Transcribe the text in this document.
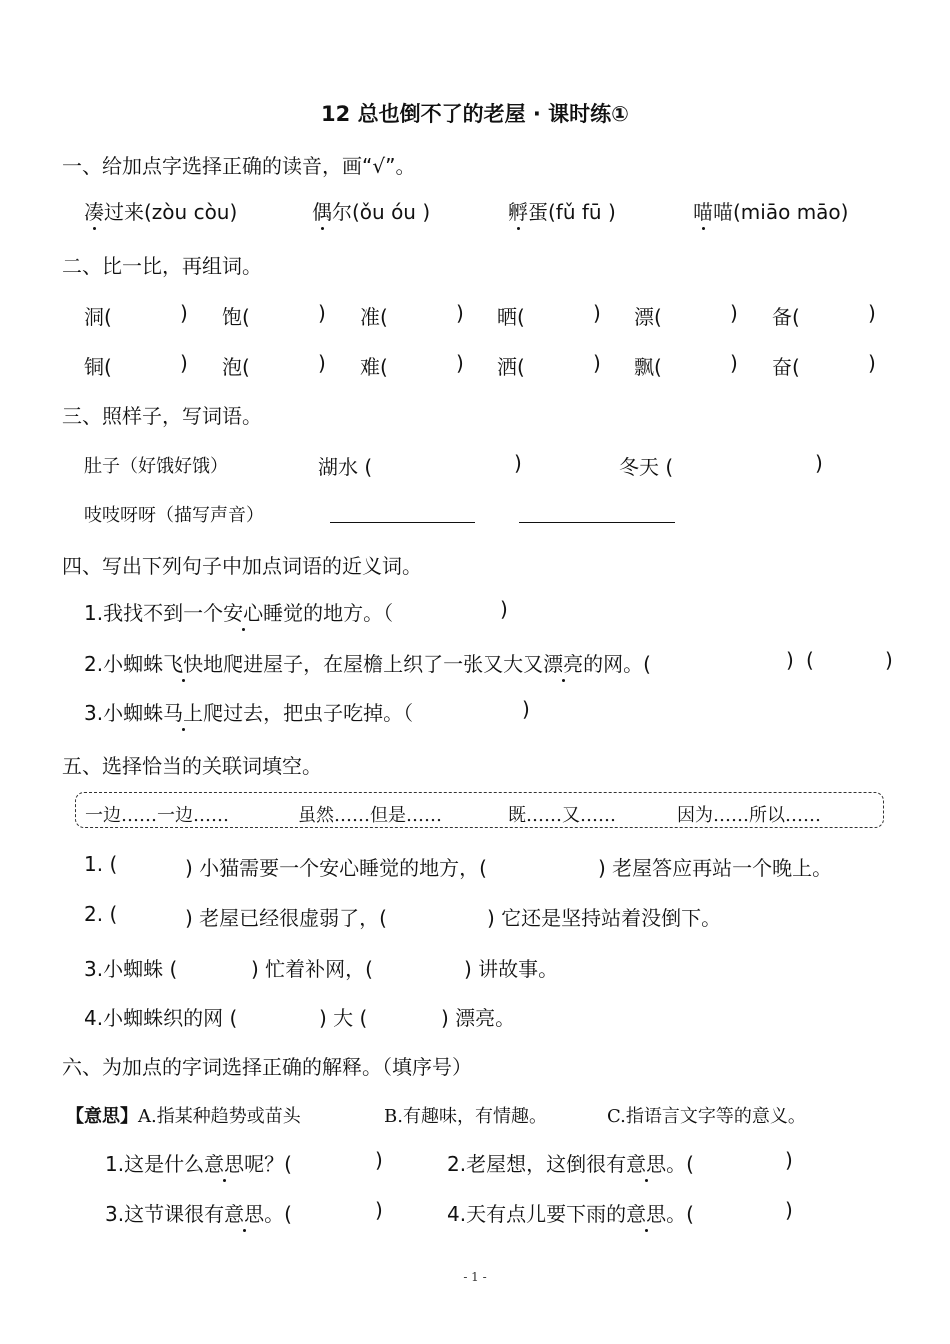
12 总也倒不了的老屋 · 课时练①
一、给加点字选择正确的读音，画“√”。
凑过来(zòu còu)	偶尔(ǒu óu )	孵蛋(fǔ fū )	喵喵(miāo māo)
二、比一比，再组词。
洞(	) 饱(	) 准(	) 晒(	) 漂(	) 备(	)
铜(	) 泡(	) 难(	) 洒(	) 飘(	) 奋(	)
三、照样子，写词语。
肚子（好饿好饿）	湖水 (	)	冬天 (	)
吱吱呀呀（描写声音）
四、写出下列句子中加点词语的近义词。
1.我找不到一个安心睡觉的地方。（	)
2.小蜘蛛飞快地爬进屋子，在屋檐上织了一张又大又漂亮的网。(	) (	)
3.小蜘蛛马上爬过去，把虫子吃掉。（	)
五、选择恰当的关联词填空。
一边……一边……	虽然……但是……	既……又……	因为……所以……
1. (	) 小猫需要一个安心睡觉的地方，(	) 老屋答应再站一个晚上。
2. (	) 老屋已经很虚弱了，(	) 它还是坚持站着没倒下。
3.小蜘蛛 (	) 忙着补网，(	) 讲故事。
4.小蜘蛛织的网 (	) 大 (	) 漂亮。
六、为加点的字词选择正确的解释。（填序号）
【意思】A.指某种趋势或苗头	B.有趣味，有情趣。	C.指语言文字等的意义。
1.这是什么意思呢？(	)	2.老屋想，这倒很有意思。(	)
3.这节课很有意思。(	)	4.天有点儿要下雨的意思。(	)
- 1 -
